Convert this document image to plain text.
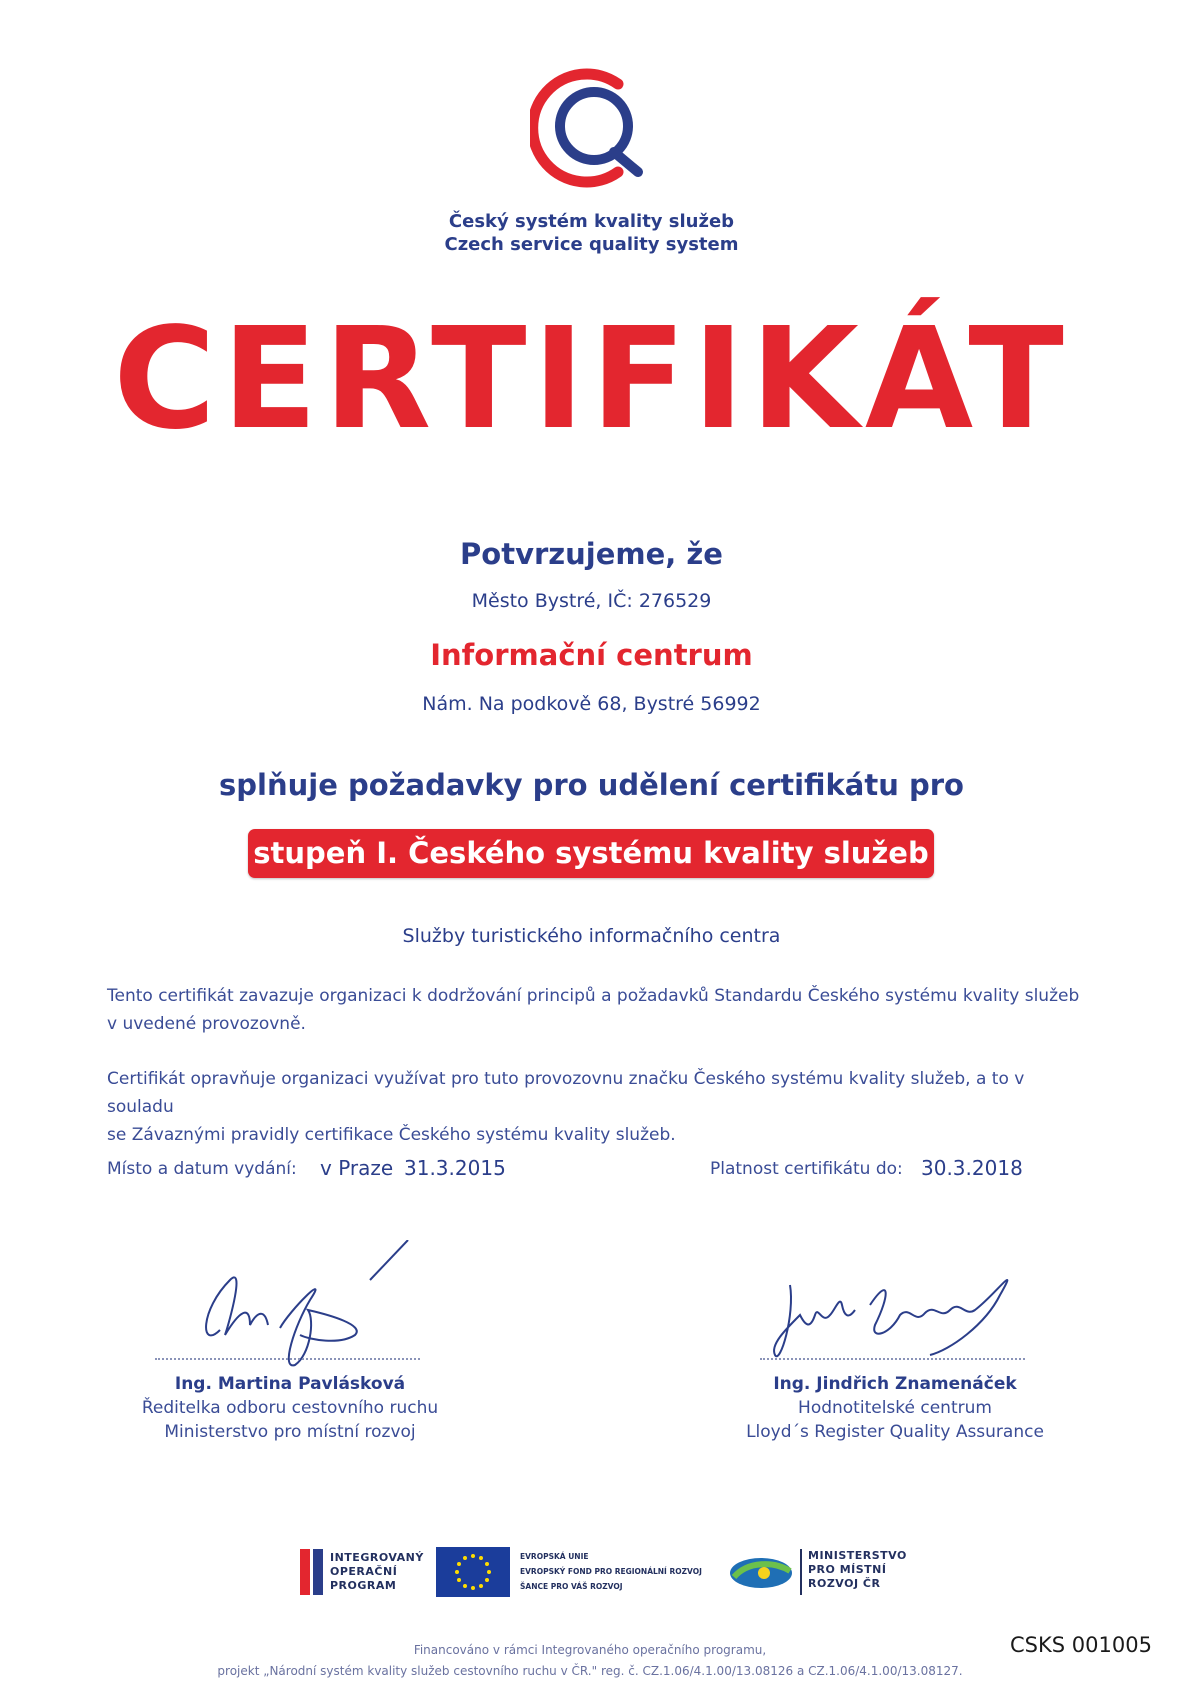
Český systém kvality služeb
Czech service quality system
CERTIFIKÁT
Potvrzujeme, že
Město Bystré, IČ: 276529
Informační centrum
Nám. Na podkově 68, Bystré 56992
splňuje požadavky pro udělení certifikátu pro
stupeň I. Českého systému kvality služeb
Služby turistického informačního centra
Tento certifikát zavazuje organizaci k dodržování principů a požadavků Standardu Českého systému kvality služeb
v uvedené provozovně.
Certifikát opravňuje organizaci využívat pro tuto provozovnu značku Českého systému kvality služeb, a to v souladu
se Závaznými pravidly certifikace Českého systému kvality služeb.
Místo a datum vydání: v Praze 31.3.2015	Platnost certifikátu do: 30.3.2018
Ing. Martina Pavlásková
Ředitelka odboru cestovního ruchu
Ministerstvo pro místní rozvoj
Ing. Jindřich Znamenáček
Hodnotitelské centrum
Lloyd´s Register Quality Assurance
INTEGROVANÝ
OPERAČNÍ
PROGRAM
EVROPSKÁ UNIE
EVROPSKÝ FOND PRO REGIONÁLNÍ ROZVOJ
ŠANCE PRO VÁŠ ROZVOJ
MINISTERSTVO
PRO MÍSTNÍ
ROZVOJ ČR
Financováno v rámci Integrovaného operačního programu,
projekt „Národní systém kvality služeb cestovního ruchu v ČR." reg. č. CZ.1.06/4.1.00/13.08126 a CZ.1.06/4.1.00/13.08127.
CSKS 001005
